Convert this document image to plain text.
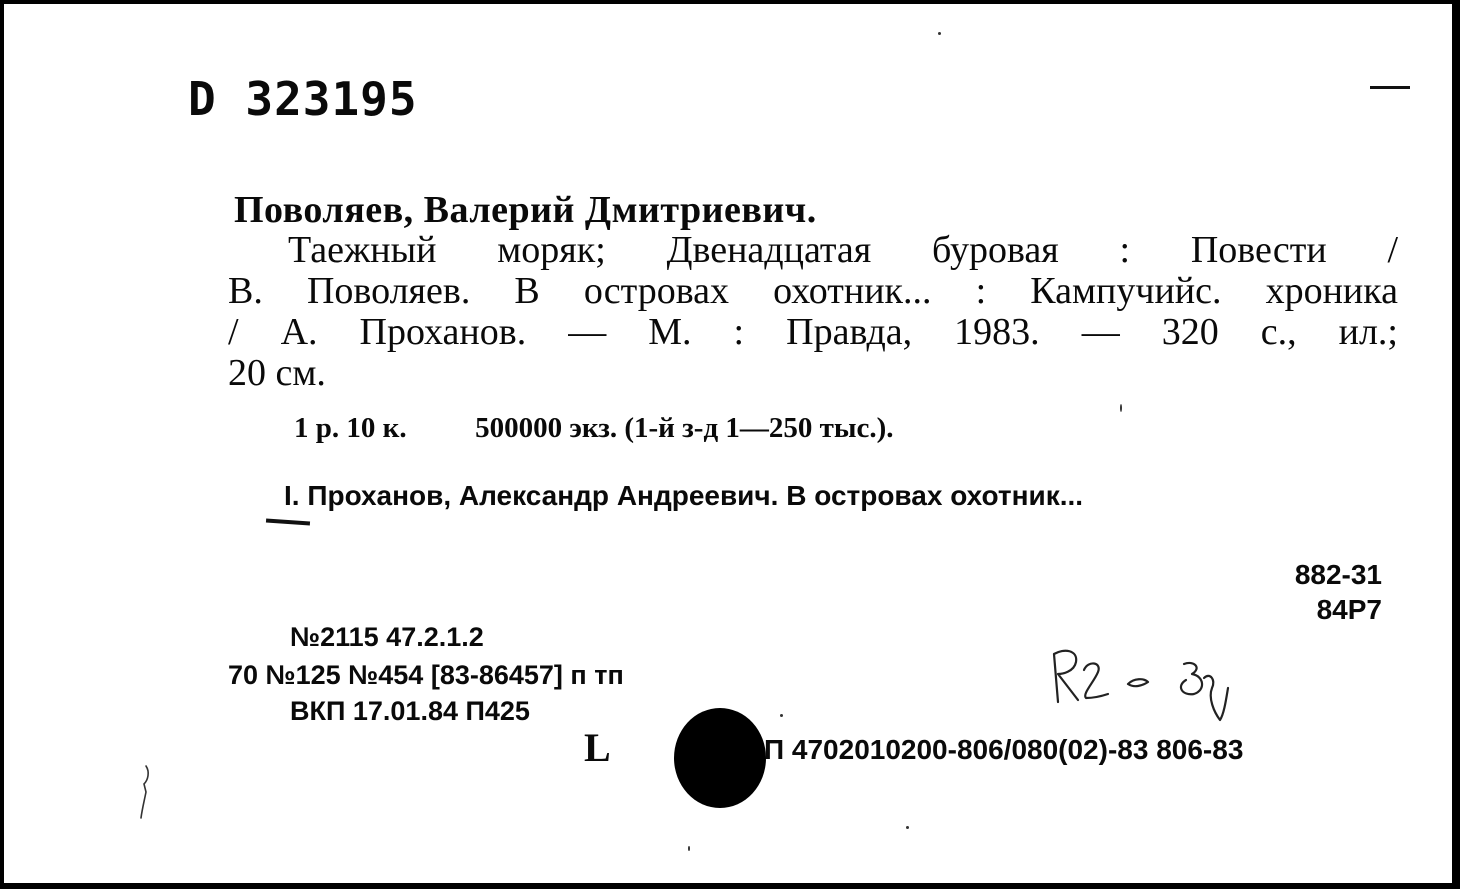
D 323195
Поволяев, Валерий Дмитриевич.
Таежный моряк; Двенадцатая буровая : Повести /
В. Поволяев. В островах охотник... : Кампучийс. хроника
/ А. Проханов. — М. : Правда, 1983. — 320 с., ил.;
20 см.
1 р. 10 к. 500000 экз. (1-й з-д 1—250 тыс.).
I. Проханов, Александр Андреевич. В островах охотник...
882-31
84Р7
№2115 47.2.1.2
70 №125 №454 [83-86457] п тп
ВКП 17.01.84 П425
L	П 4702010200-806/080(02)-83 806-83
